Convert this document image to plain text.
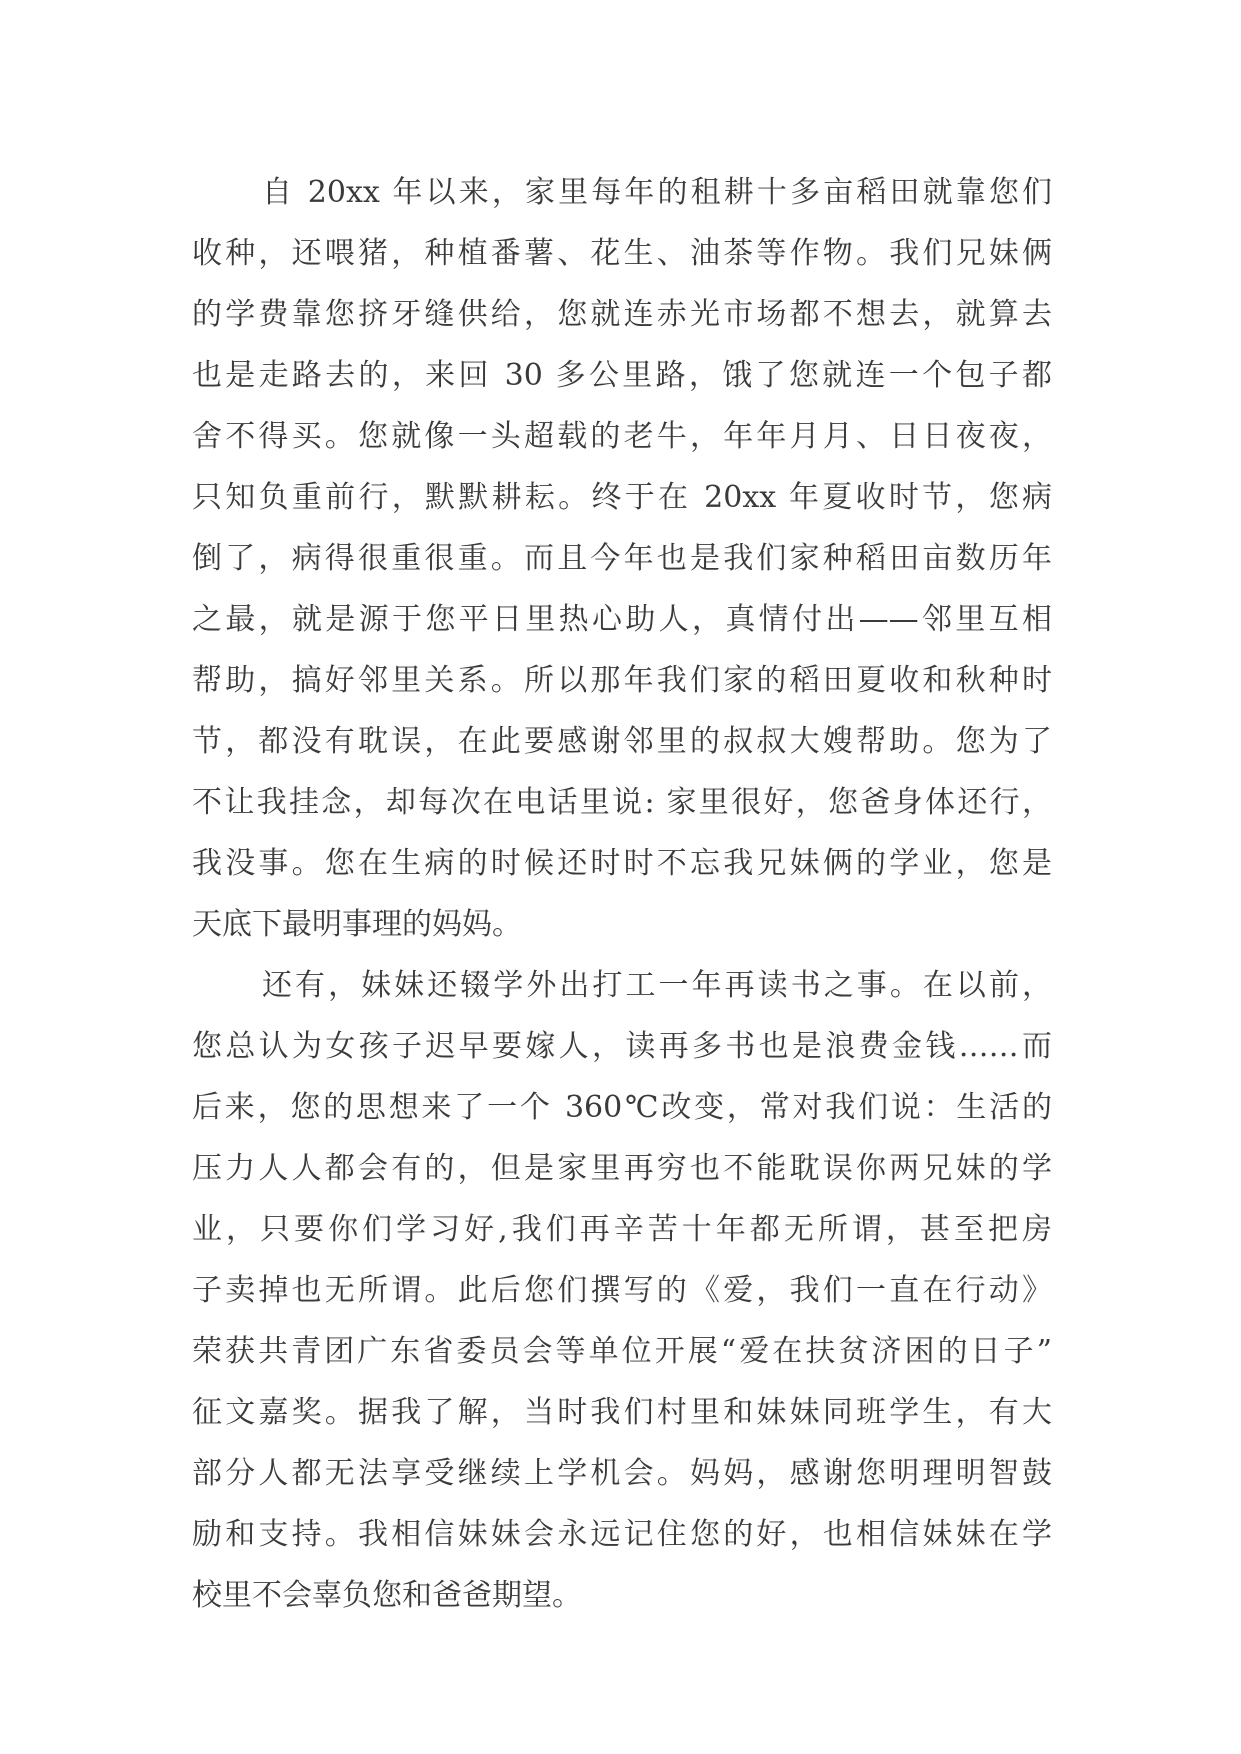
自 20xx 年以来，家里每年的租耕十多亩稻田就靠您们
收种，还喂猪，种植番薯、花生、油茶等作物。我们兄妹俩
的学费靠您挤牙缝供给，您就连赤光市场都不想去，就算去
也是走路去的，来回 30 多公里路，饿了您就连一个包子都
舍不得买。您就像一头超载的老牛，年年月月、日日夜夜，
只知负重前行，默默耕耘。终于在 20xx 年夏收时节，您病
倒了，病得很重很重。而且今年也是我们家种稻田亩数历年
之最，就是源于您平日里热心助人，真情付出——邻里互相
帮助，搞好邻里关系。所以那年我们家的稻田夏收和秋种时
节，都没有耽误，在此要感谢邻里的叔叔大嫂帮助。您为了
不让我挂念，却每次在电话里说: 家里很好，您爸身体还行，
我没事。您在生病的时候还时时不忘我兄妹俩的学业，您是
天底下最明事理的妈妈。
还有，妹妹还辍学外出打工一年再读书之事。在以前，
您总认为女孩子迟早要嫁人，读再多书也是浪费金钱……而
后来，您的思想来了一个 360℃改变，常对我们说：生活的
压力人人都会有的，但是家里再穷也不能耽误你两兄妹的学
业，只要你们学习好,我们再辛苦十年都无所谓，甚至把房
子卖掉也无所谓。此后您们撰写的《爱，我们一直在行动》
荣获共青团广东省委员会等单位开展“爱在扶贫济困的日子”
征文嘉奖。据我了解，当时我们村里和妹妹同班学生，有大
部分人都无法享受继续上学机会。妈妈，感谢您明理明智鼓
励和支持。我相信妹妹会永远记住您的好，也相信妹妹在学
校里不会辜负您和爸爸期望。
